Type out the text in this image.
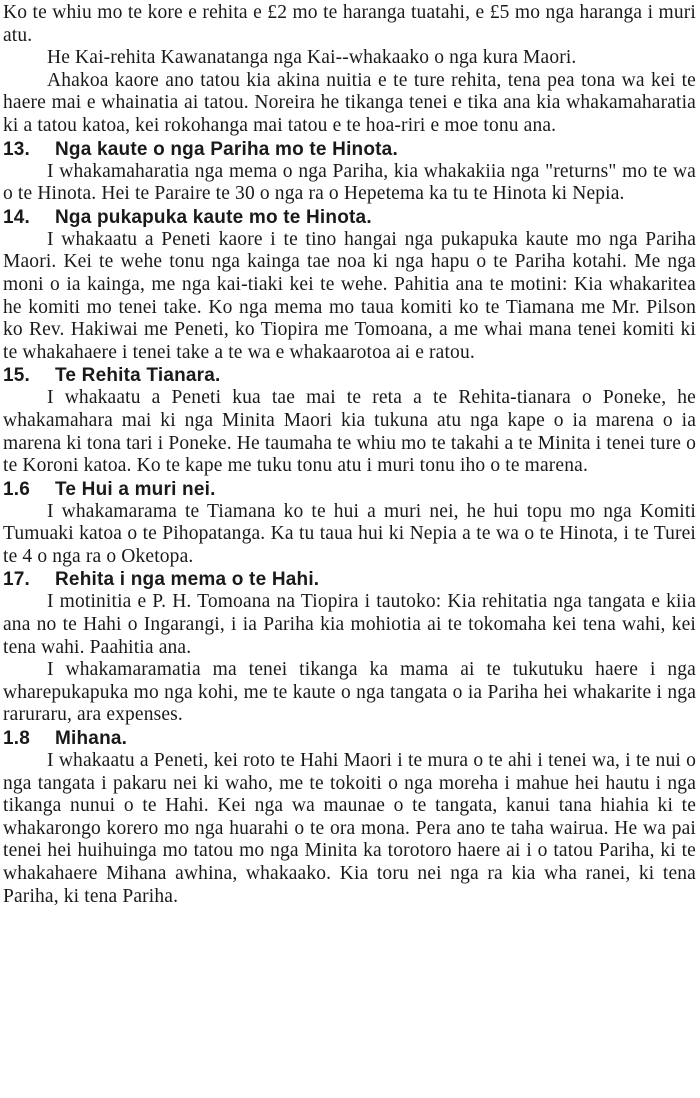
Ko te whiu mo te kore e rehita e £2 mo te haranga tuatahi, e £5 mo nga haranga i muri atu.

He Kai-rehita Kawanatanga nga Kai--whakaako o nga kura Maori.

Ahakoa kaore ano tatou kia akina nuitia e te ture rehita, tena pea tona wa kei te haere mai e whainatia ai tatou. Noreira he tikanga tenei e tika ana kia whakamaharatia ki a tatou katoa, kei rokohanga mai tatou e te hoa-riri e moe tonu ana.

13.	Nga kaute o nga Pariha mo te Hinota.

I whakamaharatia nga mema o nga Pariha, kia whakakiia nga "returns" mo te wa o te Hinota. Hei te Paraire te 30 o nga ra o Hepetema ka tu te Hinota ki Nepia.

14.	Nga pukapuka kaute mo te Hinota.

I whakaatu a Peneti kaore i te tino hangai nga pukapuka kaute mo nga Pariha Maori. Kei te wehe tonu nga kainga tae noa ki nga hapu o te Pariha kotahi. Me nga moni o ia kainga, me nga kai-tiaki kei te wehe. Pahitia ana te motini: Kia whakaritea he komiti mo tenei take. Ko nga mema mo taua komiti ko te Tiamana me Mr. Pilson ko Rev. Hakiwai me Peneti, ko Tiopira me Tomoana, a me whai mana tenei komiti ki te whakahaere i tenei take a te wa e whakaarotoa ai e ratou.

15.	Te Rehita Tianara.

I whakaatu a Peneti kua tae mai te reta a te Rehita-tianara o Poneke, he whakamahara mai ki nga Minita Maori kia tukuna atu nga kape o ia marena o ia marena ki tona tari i Poneke. He taumaha te whiu mo te takahi a te Minita i tenei ture o te Koroni katoa. Ko te kape me tuku tonu atu i muri tonu iho o te marena.

1.6	Te Hui a muri nei.

I whakamarama te Tiamana ko te hui a muri nei, he hui topu mo nga Komiti Tumuaki katoa o te Pihopatanga. Ka tu taua hui ki Nepia a te wa o te Hinota, i te Turei te 4 o nga ra o Oketopa.

17.	Rehita i nga mema o te Hahi.

I motinitia e P. H. Tomoana na Tiopira i tautoko: Kia rehitatia nga tangata e kiia ana no te Hahi o Ingarangi, i ia Pariha kia mohiotia ai te tokomaha kei tena wahi, kei tena wahi. Paahitia ana.

I whakamaramatia ma tenei tikanga ka mama ai te tukutuku haere i nga wharepukapuka mo nga kohi, me te kaute o nga tangata o ia Pariha hei whakarite i nga raruraru, ara expenses.

1.8	Mihana.

I whakaatu a Peneti, kei roto te Hahi Maori i te mura o te ahi i tenei wa, i te nui o nga tangata i pakaru nei ki waho, me te tokoiti o nga moreha i mahue hei hautu i nga tikanga nunui o te Hahi. Kei nga wa maunae o te tangata, kanui tana hiahia ki te whakarongo korero mo nga huarahi o te ora mona. Pera ano te taha wairua. He wa pai tenei hei huihuinga mo tatou mo nga Minita ka torotoro haere ai i o tatou Pariha, ki te whakahaere Mihana awhina, whakaako. Kia toru nei nga ra kia wha ranei, ki tena Pariha, ki tena Pariha.
